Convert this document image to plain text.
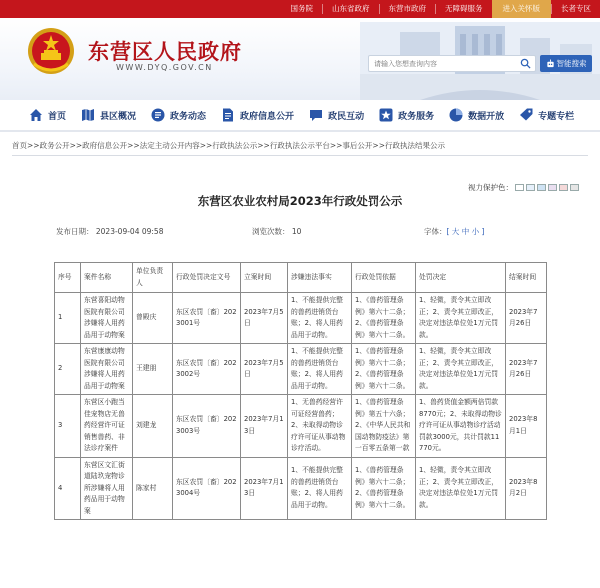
国务院	山东省政府	东营市政府	无障碍服务	进入关怀版	长者专区
东营区人民政府
WWW.DYQ.GOV.CN
请输入您想查询内容	智能搜索
首页	县区概况	政务动态	政府信息公开	政民互动	政务服务	数据开放	专题专栏
首页>>政务公开>>政府信息公开>>法定主动公开内容>>行政执法公示>>行政执法公示平台>>事后公开>>行政执法结果公示
视力保护色：
东营区农业农村局2023年行政处罚公示
发布日期： 2023-09-04 09:58	浏览次数： 10	字体：[ 大 中 小 ]
序号	案件名称	单位负责人	行政处罚决定文号	立案时间	涉嫌违法事实	行政处罚依据	处罚决定	结案时间
1	东营喜阳动物医院有限公司涉嫌将人用药品用于动物案	曾殿庆	东区农罚〔畜〕2023001号	2023年7月5日	1、不能提供完整的兽药进销货台账；2、将人用药品用于动物。	1、《兽药管理条例》第六十二条；2、《兽药管理条例》第六十二条。	1、轻微，责令其立即改正；2、责令其立即改正，决定对违法单位处1万元罚款。	2023年7月26日
2	东营康康动物医院有限公司涉嫌将人用药品用于动物案	王建朋	东区农罚〔畜〕2023002号	2023年7月5日	1、不能提供完整的兽药进销货台账；2、将人用药品用于动物。	1、《兽药管理条例》第六十二条；2、《兽药管理条例》第六十二条。	1、轻微，责令其立即改正；2、责令其立即改正，决定对违法单位处1万元罚款。	2023年7月26日
3	东营区小跑当佳宠物店无兽药经营许可证销售兽药、非法诊疗案件	刘建龙	东区农罚〔畜〕2023003号	2023年7月13日	1、无兽药经营许可证经营兽药；2、未取得动物诊疗许可证从事动物诊疗活动。	1、《兽药管理条例》第五十六条；2、《中华人民共和国动物防疫法》第一百零五条第一款	1、兽药货值金额两倍罚款8770元；2、未取得动物诊疗许可证从事动物诊疗活动罚款3000元，共计罚款11770元。	2023年8月1日
4	东营区文汇街道陆玖宠物诊所涉嫌将人用药品用于动物案	陈家村	东区农罚〔畜〕2023004号	2023年7月13日	1、不能提供完整的兽药进销货台账；2、将人用药品用于动物。	1、《兽药管理条例》第六十二条；2、《兽药管理条例》第六十二条。	1、轻微，责令其立即改正；2、责令其立即改正，决定对违法单位处1万元罚款。	2023年8月2日
